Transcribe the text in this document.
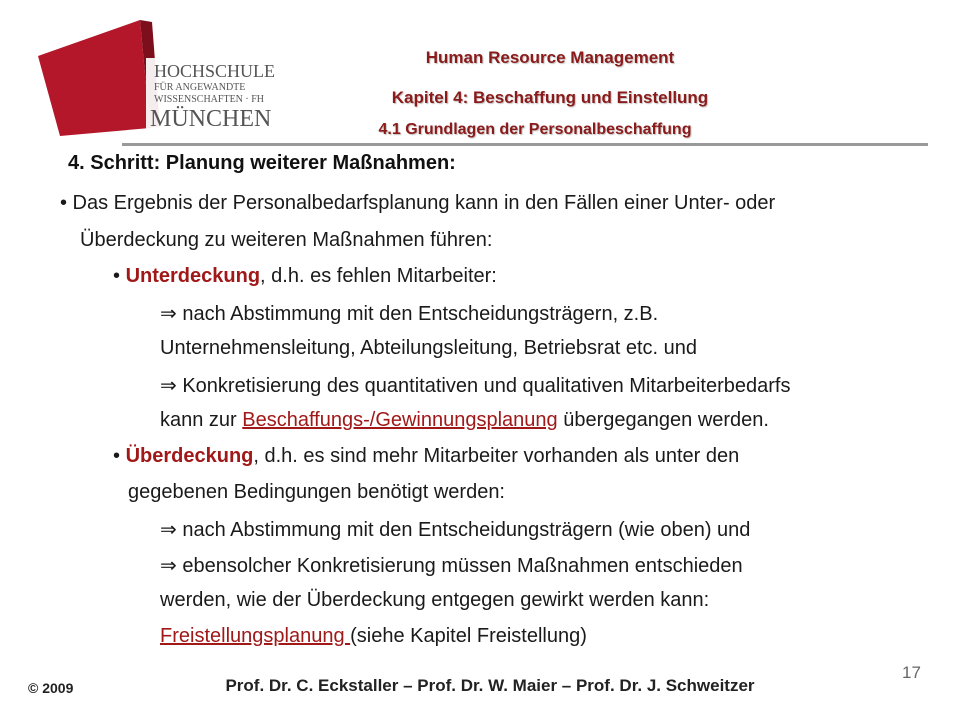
HOCHSCHULE
FÜR ANGEWANDTE
WISSENSCHAFTEN · FH
MÜNCHEN
Human Resource Management
Kapitel 4: Beschaffung und Einstellung
4.1 Grundlagen der Personalbeschaffung
4. Schritt: Planung weiterer Maßnahmen:
• Das Ergebnis der Personalbedarfsplanung kann in den Fällen einer Unter- oder
Überdeckung zu weiteren Maßnahmen führen:
• Unterdeckung, d.h. es fehlen Mitarbeiter:
⇒ nach Abstimmung mit den Entscheidungsträgern, z.B.
Unternehmensleitung, Abteilungsleitung, Betriebsrat etc. und
⇒ Konkretisierung des quantitativen und qualitativen Mitarbeiterbedarfs
kann zur Beschaffungs-/Gewinnungsplanung übergegangen werden.
• Überdeckung, d.h. es sind mehr Mitarbeiter vorhanden als unter den
gegebenen Bedingungen benötigt werden:
⇒ nach Abstimmung mit den Entscheidungsträgern (wie oben) und
⇒ ebensolcher Konkretisierung müssen Maßnahmen entschieden
werden, wie der Überdeckung entgegen gewirkt werden kann:
Freistellungsplanung (siehe Kapitel Freistellung)
© 2009	Prof. Dr. C. Eckstaller – Prof. Dr. W. Maier – Prof. Dr. J. Schweitzer
17
